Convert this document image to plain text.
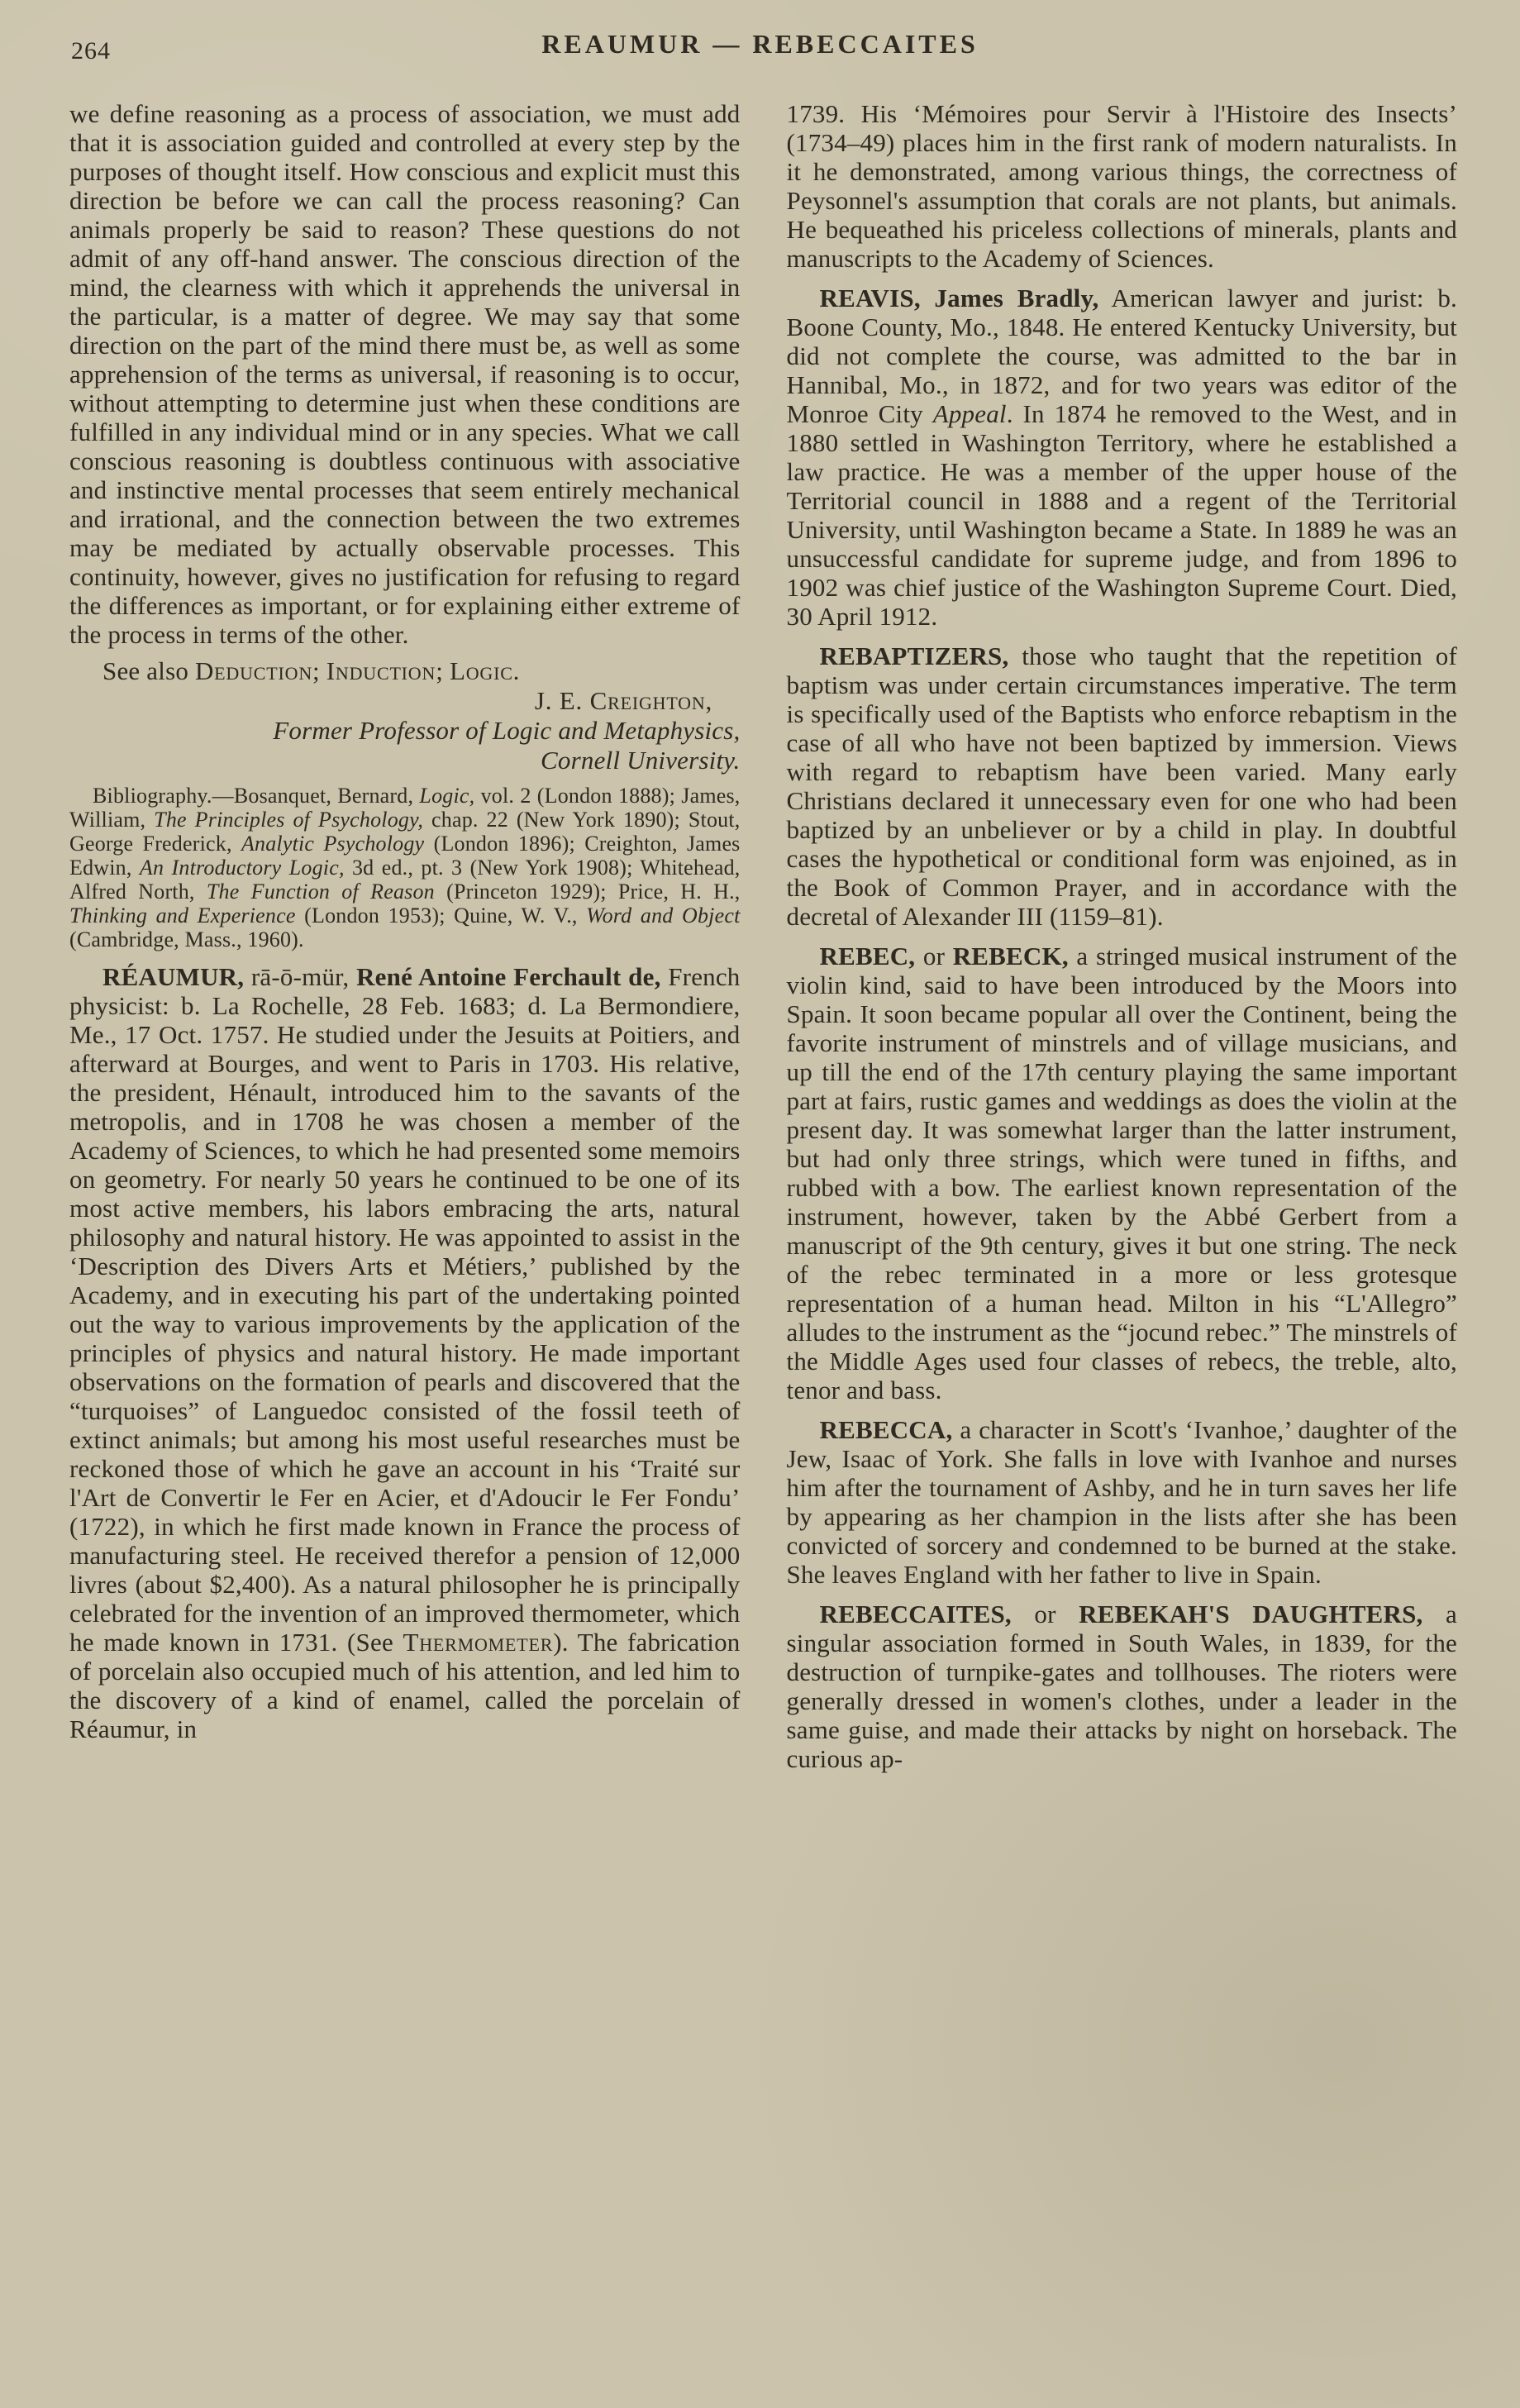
264	REAUMUR — REBECCAITES

we define reasoning as a process of association, we must add that it is association guided and controlled at every step by the purposes of thought itself. How conscious and explicit must this direction be before we can call the process reasoning? Can animals properly be said to reason? These questions do not admit of any off-hand answer. The conscious direction of the mind, the clearness with which it apprehends the universal in the particular, is a matter of degree. We may say that some direction on the part of the mind there must be, as well as some apprehension of the terms as universal, if reasoning is to occur, without attempting to determine just when these conditions are fulfilled in any individual mind or in any species. What we call conscious reasoning is doubtless continuous with associative and instinctive mental processes that seem entirely mechanical and irrational, and the connection between the two extremes may be mediated by actually observable processes. This continuity, however, gives no justification for refusing to regard the differences as important, or for explaining either extreme of the process in terms of the other.

See also Deduction; Induction; Logic.

J. E. Creighton,

Former Professor of Logic and Metaphysics,

Cornell University.

Bibliography.—Bosanquet, Bernard, Logic, vol. 2 (London 1888); James, William, The Principles of Psychology, chap. 22 (New York 1890); Stout, George Frederick, Analytic Psychology (London 1896); Creighton, James Edwin, An Introductory Logic, 3d ed., pt. 3 (New York 1908); Whitehead, Alfred North, The Function of Reason (Princeton 1929); Price, H. H., Thinking and Experience (London 1953); Quine, W. V., Word and Object (Cambridge, Mass., 1960).

RÉAUMUR, rā-ō-mür, René Antoine Ferchault de, French physicist: b. La Rochelle, 28 Feb. 1683; d. La Bermondiere, Me., 17 Oct. 1757. He studied under the Jesuits at Poitiers, and afterward at Bourges, and went to Paris in 1703. His relative, the president, Hénault, introduced him to the savants of the metropolis, and in 1708 he was chosen a member of the Academy of Sciences, to which he had presented some memoirs on geometry. For nearly 50 years he continued to be one of its most active members, his labors embracing the arts, natural philosophy and natural history. He was appointed to assist in the ‘Description des Divers Arts et Métiers,’ published by the Academy, and in executing his part of the undertaking pointed out the way to various improvements by the application of the principles of physics and natural history. He made important observations on the formation of pearls and discovered that the “turquoises” of Languedoc consisted of the fossil teeth of extinct animals; but among his most useful researches must be reckoned those of which he gave an account in his ‘Traité sur l'Art de Convertir le Fer en Acier, et d'Adoucir le Fer Fondu’ (1722), in which he first made known in France the process of manufacturing steel. He received therefor a pension of 12,000 livres (about $2,400). As a natural philosopher he is principally celebrated for the invention of an improved thermometer, which he made known in 1731. (See Thermometer). The fabrication of porcelain also occupied much of his attention, and led him to the discovery of a kind of enamel, called the porcelain of Réaumur, in

1739. His ‘Mémoires pour Servir à l'Histoire des Insects’ (1734–49) places him in the first rank of modern naturalists. In it he demonstrated, among various things, the correctness of Peysonnel's assumption that corals are not plants, but animals. He bequeathed his priceless collections of minerals, plants and manuscripts to the Academy of Sciences.

REAVIS, James Bradly, American lawyer and jurist: b. Boone County, Mo., 1848. He entered Kentucky University, but did not complete the course, was admitted to the bar in Hannibal, Mo., in 1872, and for two years was editor of the Monroe City Appeal. In 1874 he removed to the West, and in 1880 settled in Washington Territory, where he established a law practice. He was a member of the upper house of the Territorial council in 1888 and a regent of the Territorial University, until Washington became a State. In 1889 he was an unsuccessful candidate for supreme judge, and from 1896 to 1902 was chief justice of the Washington Supreme Court. Died, 30 April 1912.

REBAPTIZERS, those who taught that the repetition of baptism was under certain circumstances imperative. The term is specifically used of the Baptists who enforce rebaptism in the case of all who have not been baptized by immersion. Views with regard to rebaptism have been varied. Many early Christians declared it unnecessary even for one who had been baptized by an unbeliever or by a child in play. In doubtful cases the hypothetical or conditional form was enjoined, as in the Book of Common Prayer, and in accordance with the decretal of Alexander III (1159–81).

REBEC, or REBECK, a stringed musical instrument of the violin kind, said to have been introduced by the Moors into Spain. It soon became popular all over the Continent, being the favorite instrument of minstrels and of village musicians, and up till the end of the 17th century playing the same important part at fairs, rustic games and weddings as does the violin at the present day. It was somewhat larger than the latter instrument, but had only three strings, which were tuned in fifths, and rubbed with a bow. The earliest known representation of the instrument, however, taken by the Abbé Gerbert from a manuscript of the 9th century, gives it but one string. The neck of the rebec terminated in a more or less grotesque representation of a human head. Milton in his “L'Allegro” alludes to the instrument as the “jocund rebec.” The minstrels of the Middle Ages used four classes of rebecs, the treble, alto, tenor and bass.

REBECCA, a character in Scott's ‘Ivanhoe,’ daughter of the Jew, Isaac of York. She falls in love with Ivanhoe and nurses him after the tournament of Ashby, and he in turn saves her life by appearing as her champion in the lists after she has been convicted of sorcery and condemned to be burned at the stake. She leaves England with her father to live in Spain.

REBECCAITES, or REBEKAH'S DAUGHTERS, a singular association formed in South Wales, in 1839, for the destruction of turnpike-gates and tollhouses. The rioters were generally dressed in women's clothes, under a leader in the same guise, and made their attacks by night on horseback. The curious ap-
